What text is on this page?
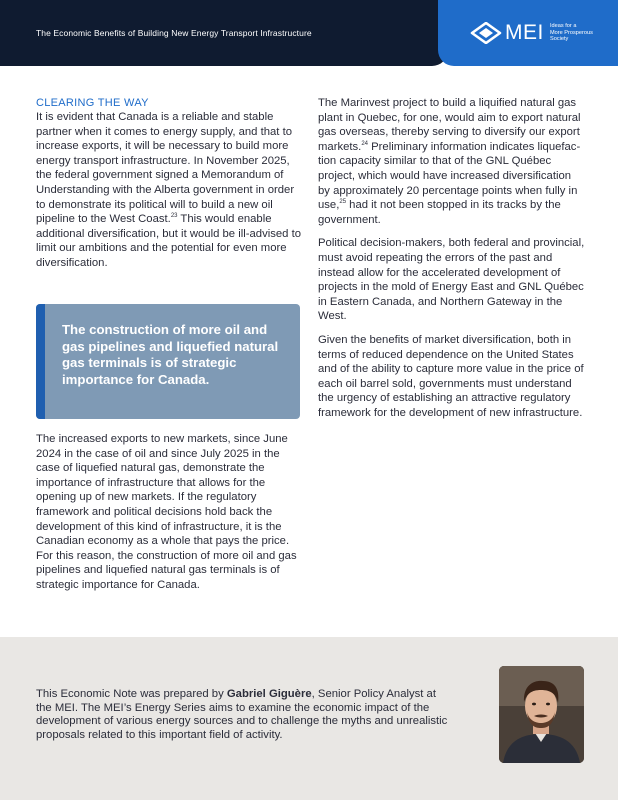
The Economic Benefits of Building New Energy Transport Infrastructure	MEI Ideas for a
More Prosperous
Society
CLEARING THE WAY

It is evident that Canada is a reliable and stable partner when it comes to energy supply, and that to increase exports, it will be necessary to build more energy transport infrastructure. In November 2025, the federal government signed a Memorandum of Understanding with the Alberta government in order to demonstrate its political will to build a new oil pipeline to the West Coast.$^{23}$ This would enable additional diversification, but it would be ill-advised to limit our ambitions and the potential for even more diversification.

The construction of more oil and gas pipelines and liquefied natural gas terminals is of strategic importance for Canada.

The increased exports to new markets, since June 2024 in the case of oil and since July 2025 in the case of liquefied natural gas, demonstrate the importance of infrastructure that allows for the opening up of new markets. If the regulatory framework and political decisions hold back the development of this kind of infrastructure, it is the Canadian economy as a whole that pays the price. For this reason, the construction of more oil and gas pipelines and liquefied natural gas terminals is of strategic importance for Canada.

The Marinvest project to build a liquified natural gas plant in Quebec, for one, would aim to export natural gas overseas, thereby serving to diversify our export markets.$^{24}$ Preliminary information indicates liquefaction capacity similar to that of the GNL Québec project, which would have increased diversification by approximately 20 percentage points when fully in use,$^{25}$ had it not been stopped in its tracks by the government.

Political decision-makers, both federal and provincial, must avoid repeating the errors of the past and instead allow for the accelerated development of projects in the mold of Energy East and GNL Québec in Eastern Canada, and Northern Gateway in the West.

Given the benefits of market diversification, both in terms of reduced dependence on the United States and of the ability to capture more value in the price of each oil barrel sold, governments must understand the urgency of establishing an attractive regulatory framework for the development of new infrastructure.

This Economic Note was prepared by Gabriel Giguère, Senior Policy Analyst at the MEI. The MEI’s Energy Series aims to examine the economic impact of the development of various energy sources and to challenge the myths and unrealistic proposals related to this important field of activity.
